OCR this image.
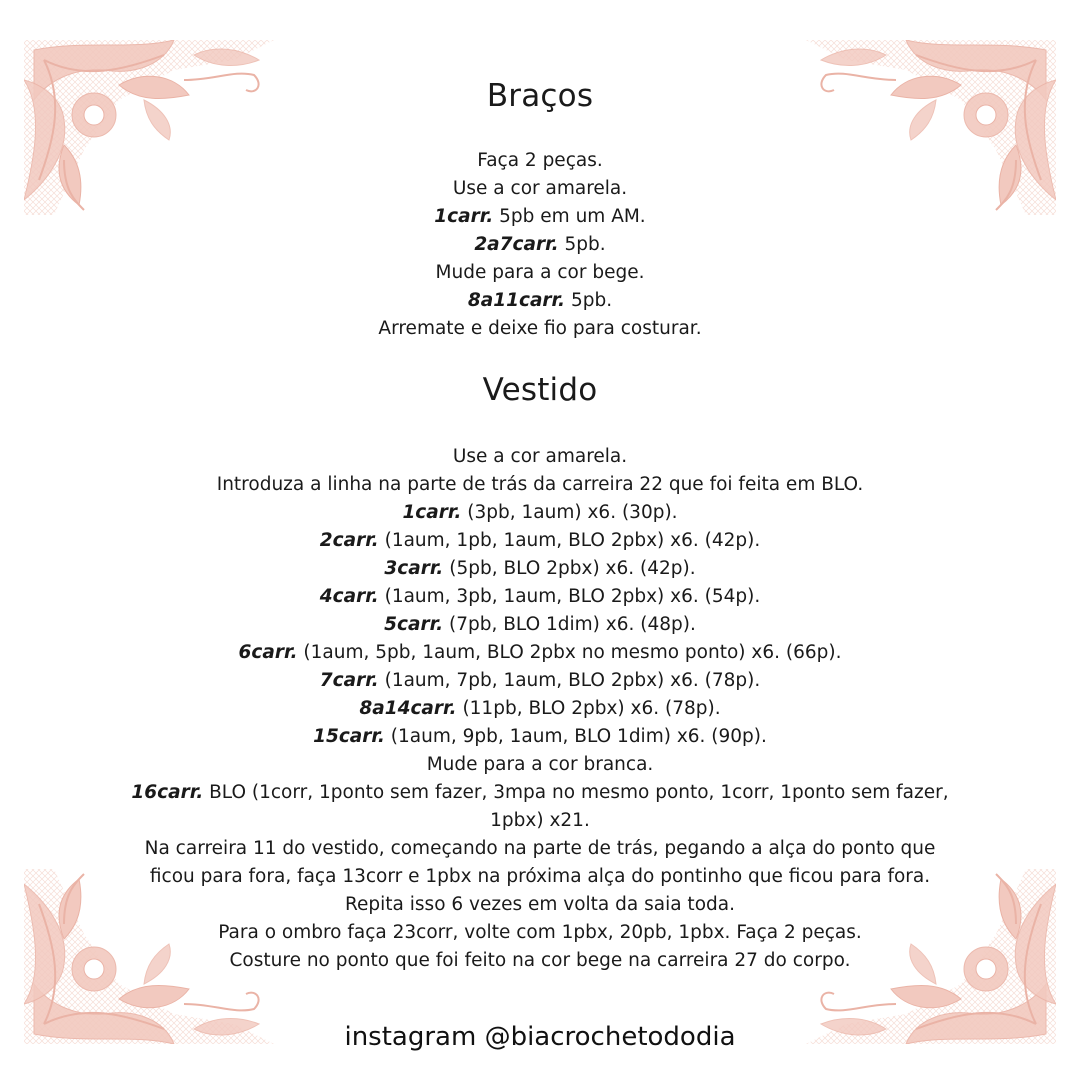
Braços
Faça 2 peças.
Use a cor amarela.
1carr. 5pb em um AM.
2a7carr. 5pb.
Mude para a cor bege.
8a11carr. 5pb.
Arremate e deixe fio para costurar.
Vestido
Use a cor amarela.
Introduza a linha na parte de trás da carreira 22 que foi feita em BLO.
1carr. (3pb, 1aum) x6. (30p).
2carr. (1aum, 1pb, 1aum, BLO 2pbx) x6. (42p).
3carr. (5pb, BLO 2pbx) x6. (42p).
4carr. (1aum, 3pb, 1aum, BLO 2pbx) x6. (54p).
5carr. (7pb, BLO 1dim) x6. (48p).
6carr. (1aum, 5pb, 1aum, BLO 2pbx no mesmo ponto) x6. (66p).
7carr. (1aum, 7pb, 1aum, BLO 2pbx) x6. (78p).
8a14carr. (11pb, BLO 2pbx) x6. (78p).
15carr. (1aum, 9pb, 1aum, BLO 1dim) x6. (90p).
Mude para a cor branca.
16carr. BLO (1corr, 1ponto sem fazer, 3mpa no mesmo ponto, 1corr, 1ponto sem fazer,
1pbx) x21.
Na carreira 11 do vestido, começando na parte de trás, pegando a alça do ponto que
ficou para fora, faça 13corr e 1pbx na próxima alça do pontinho que ficou para fora.
Repita isso 6 vezes em volta da saia toda.
Para o ombro faça 23corr, volte com 1pbx, 20pb, 1pbx. Faça 2 peças.
Costure no ponto que foi feito na cor bege na carreira 27 do corpo.
instagram @biacrochetododia
